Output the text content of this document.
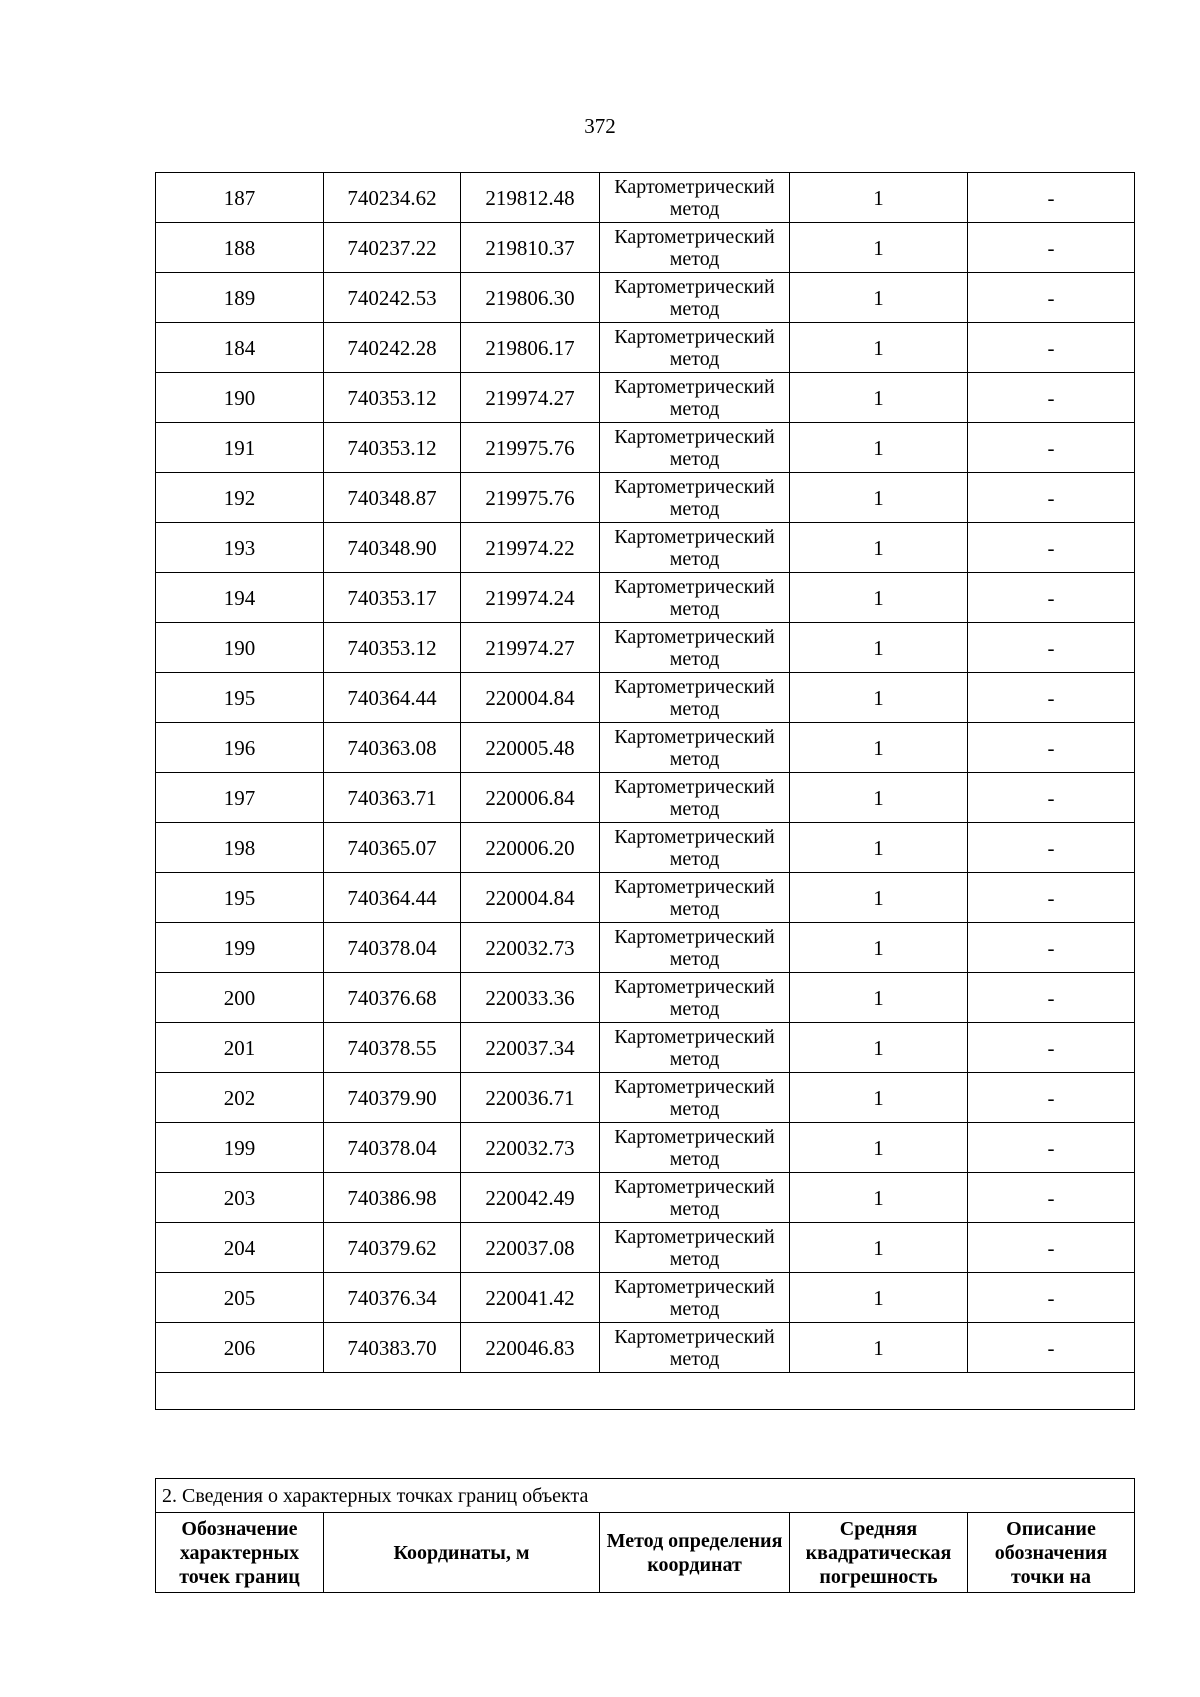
372
187	740234.62	219812.48	Картометрический метод	1	-
188	740237.22	219810.37	Картометрический метод	1	-
189	740242.53	219806.30	Картометрический метод	1	-
184	740242.28	219806.17	Картометрический метод	1	-
190	740353.12	219974.27	Картометрический метод	1	-
191	740353.12	219975.76	Картометрический метод	1	-
192	740348.87	219975.76	Картометрический метод	1	-
193	740348.90	219974.22	Картометрический метод	1	-
194	740353.17	219974.24	Картометрический метод	1	-
190	740353.12	219974.27	Картометрический метод	1	-
195	740364.44	220004.84	Картометрический метод	1	-
196	740363.08	220005.48	Картометрический метод	1	-
197	740363.71	220006.84	Картометрический метод	1	-
198	740365.07	220006.20	Картометрический метод	1	-
195	740364.44	220004.84	Картометрический метод	1	-
199	740378.04	220032.73	Картометрический метод	1	-
200	740376.68	220033.36	Картометрический метод	1	-
201	740378.55	220037.34	Картометрический метод	1	-
202	740379.90	220036.71	Картометрический метод	1	-
199	740378.04	220032.73	Картометрический метод	1	-
203	740386.98	220042.49	Картометрический метод	1	-
204	740379.62	220037.08	Картометрический метод	1	-
205	740376.34	220041.42	Картометрический метод	1	-
206	740383.70	220046.83	Картометрический метод	1	-

2. Сведения о характерных точках границ объекта
Обозначение характерных точек границ	Координаты, м	Метод определения координат	Средняя квадратическая погрешность	Описание обозначения точки на
